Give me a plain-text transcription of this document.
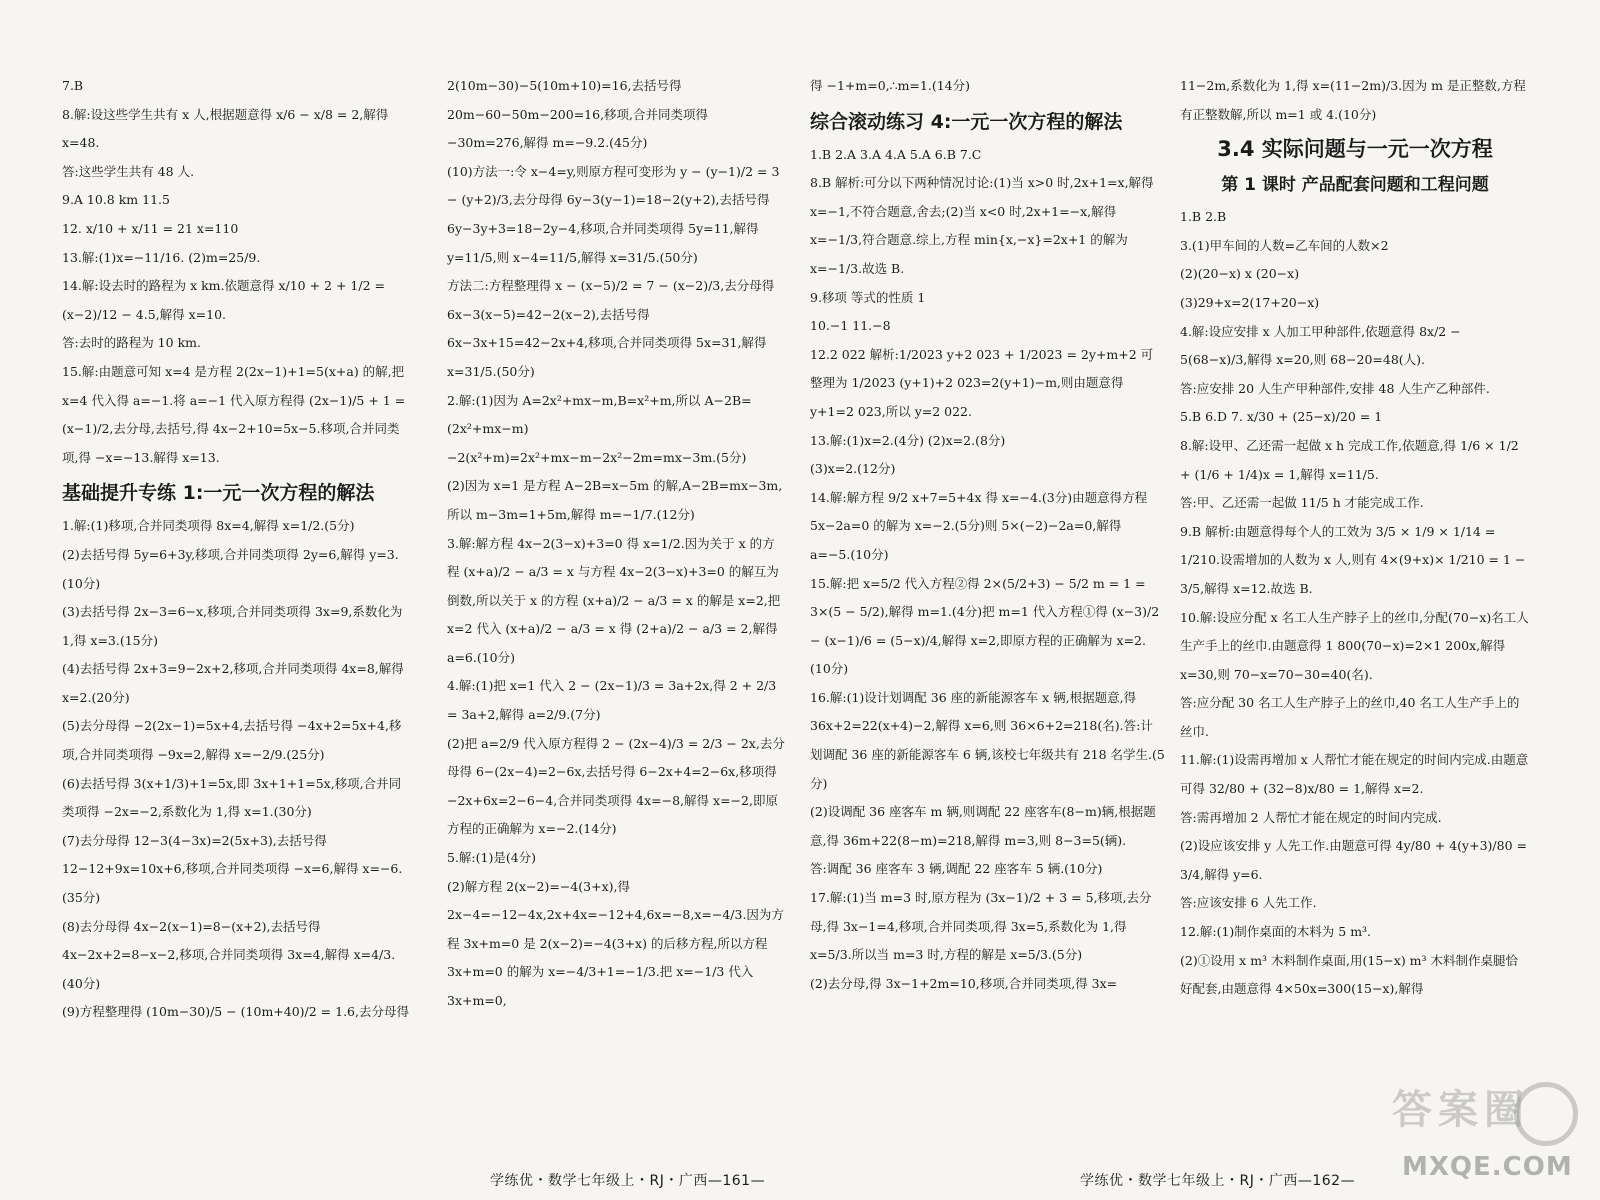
7.B

8.解:设这些学生共有 x 人,根据题意得 x/6 − x/8 = 2,解得 x=48.

答:这些学生共有 48 人.

9.A 10.8 km 11.5

12. x/10 + x/11 = 21 x=110

13.解:(1)x=−11/16. (2)m=25/9.

14.解:设去时的路程为 x km.依题意得 x/10 + 2 + 1/2 = (x−2)/12 − 4.5,解得 x=10.

答:去时的路程为 10 km.

15.解:由题意可知 x=4 是方程 2(2x−1)+1=5(x+a) 的解,把 x=4 代入得 a=−1.将 a=−1 代入原方程得 (2x−1)/5 + 1 = (x−1)/2,去分母,去括号,得 4x−2+10=5x−5.移项,合并同类项,得 −x=−13.解得 x=13.

基础提升专练 1:一元一次方程的解法

1.解:(1)移项,合并同类项得 8x=4,解得 x=1/2.(5分)

(2)去括号得 5y=6+3y,移项,合并同类项得 2y=6,解得 y=3.(10分)

(3)去括号得 2x−3=6−x,移项,合并同类项得 3x=9,系数化为 1,得 x=3.(15分)

(4)去括号得 2x+3=9−2x+2,移项,合并同类项得 4x=8,解得 x=2.(20分)

(5)去分母得 −2(2x−1)=5x+4,去括号得 −4x+2=5x+4,移项,合并同类项得 −9x=2,解得 x=−2/9.(25分)

(6)去括号得 3(x+1/3)+1=5x,即 3x+1+1=5x,移项,合并同类项得 −2x=−2,系数化为 1,得 x=1.(30分)

(7)去分母得 12−3(4−3x)=2(5x+3),去括号得 12−12+9x=10x+6,移项,合并同类项得 −x=6,解得 x=−6.(35分)

(8)去分母得 4x−2(x−1)=8−(x+2),去括号得 4x−2x+2=8−x−2,移项,合并同类项得 3x=4,解得 x=4/3.(40分)

(9)方程整理得 (10m−30)/5 − (10m+40)/2 = 1.6,去分母得

2(10m−30)−5(10m+10)=16,去括号得 20m−60−50m−200=16,移项,合并同类项得 −30m=276,解得 m=−9.2.(45分)

(10)方法一:令 x−4=y,则原方程可变形为 y − (y−1)/2 = 3 − (y+2)/3,去分母得 6y−3(y−1)=18−2(y+2),去括号得 6y−3y+3=18−2y−4,移项,合并同类项得 5y=11,解得 y=11/5,则 x−4=11/5,解得 x=31/5.(50分)

方法二:方程整理得 x − (x−5)/2 = 7 − (x−2)/3,去分母得 6x−3(x−5)=42−2(x−2),去括号得 6x−3x+15=42−2x+4,移项,合并同类项得 5x=31,解得 x=31/5.(50分)

2.解:(1)因为 A=2x²+mx−m,B=x²+m,所以 A−2B=(2x²+mx−m)−2(x²+m)=2x²+mx−m−2x²−2m=mx−3m.(5分)

(2)因为 x=1 是方程 A−2B=x−5m 的解,A−2B=mx−3m,所以 m−3m=1+5m,解得 m=−1/7.(12分)

3.解:解方程 4x−2(3−x)+3=0 得 x=1/2.因为关于 x 的方程 (x+a)/2 − a/3 = x 与方程 4x−2(3−x)+3=0 的解互为倒数,所以关于 x 的方程 (x+a)/2 − a/3 = x 的解是 x=2,把 x=2 代入 (x+a)/2 − a/3 = x 得 (2+a)/2 − a/3 = 2,解得 a=6.(10分)

4.解:(1)把 x=1 代入 2 − (2x−1)/3 = 3a+2x,得 2 + 2/3 = 3a+2,解得 a=2/9.(7分)

(2)把 a=2/9 代入原方程得 2 − (2x−4)/3 = 2/3 − 2x,去分母得 6−(2x−4)=2−6x,去括号得 6−2x+4=2−6x,移项得 −2x+6x=2−6−4,合并同类项得 4x=−8,解得 x=−2,即原方程的正确解为 x=−2.(14分)

5.解:(1)是(4分)

(2)解方程 2(x−2)=−4(3+x),得 2x−4=−12−4x,2x+4x=−12+4,6x=−8,x=−4/3.因为方程 3x+m=0 是 2(x−2)=−4(3+x) 的后移方程,所以方程 3x+m=0 的解为 x=−4/3+1=−1/3.把 x=−1/3 代入 3x+m=0,

得 −1+m=0,∴m=1.(14分)

综合滚动练习 4:一元一次方程的解法

1.B 2.A 3.A 4.A 5.A 6.B 7.C

8.B 解析:可分以下两种情况讨论:(1)当 x>0 时,2x+1=x,解得 x=−1,不符合题意,舍去;(2)当 x<0 时,2x+1=−x,解得 x=−1/3,符合题意.综上,方程 min{x,−x}=2x+1 的解为 x=−1/3.故选 B.

9.移项 等式的性质 1

10.−1 11.−8

12.2 022 解析:1/2023 y+2 023 + 1/2023 = 2y+m+2 可整理为 1/2023 (y+1)+2 023=2(y+1)−m,则由题意得 y+1=2 023,所以 y=2 022.

13.解:(1)x=2.(4分) (2)x=2.(8分)

(3)x=2.(12分)

14.解:解方程 9/2 x+7=5+4x 得 x=−4.(3分)由题意得方程 5x−2a=0 的解为 x=−2.(5分)则 5×(−2)−2a=0,解得 a=−5.(10分)

15.解:把 x=5/2 代入方程②得 2×(5/2+3) − 5/2 m = 1 = 3×(5 − 5/2),解得 m=1.(4分)把 m=1 代入方程①得 (x−3)/2 − (x−1)/6 = (5−x)/4,解得 x=2,即原方程的正确解为 x=2.(10分)

16.解:(1)设计划调配 36 座的新能源客车 x 辆,根据题意,得 36x+2=22(x+4)−2,解得 x=6,则 36×6+2=218(名).答:计划调配 36 座的新能源客车 6 辆,该校七年级共有 218 名学生.(5分)

(2)设调配 36 座客车 m 辆,则调配 22 座客车(8−m)辆,根据题意,得 36m+22(8−m)=218,解得 m=3,则 8−3=5(辆).

答:调配 36 座客车 3 辆,调配 22 座客车 5 辆.(10分)

17.解:(1)当 m=3 时,原方程为 (3x−1)/2 + 3 = 5,移项,去分母,得 3x−1=4,移项,合并同类项,得 3x=5,系数化为 1,得 x=5/3.所以当 m=3 时,方程的解是 x=5/3.(5分)

(2)去分母,得 3x−1+2m=10,移项,合并同类项,得 3x=

11−2m,系数化为 1,得 x=(11−2m)/3.因为 m 是正整数,方程有正整数解,所以 m=1 或 4.(10分)

3.4 实际问题与一元一次方程
第 1 课时 产品配套问题和工程问题

1.B 2.B

3.(1)甲车间的人数=乙车间的人数×2

(2)(20−x) x (20−x)

(3)29+x=2(17+20−x)

4.解:设应安排 x 人加工甲种部件,依题意得 8x/2 − 5(68−x)/3,解得 x=20,则 68−20=48(人).

答:应安排 20 人生产甲种部件,安排 48 人生产乙种部件.

5.B 6.D 7. x/30 + (25−x)/20 = 1

8.解:设甲、乙还需一起做 x h 完成工作,依题意,得 1/6 × 1/2 + (1/6 + 1/4)x = 1,解得 x=11/5.

答:甲、乙还需一起做 11/5 h 才能完成工作.

9.B 解析:由题意得每个人的工效为 3/5 × 1/9 × 1/14 = 1/210.设需增加的人数为 x 人,则有 4×(9+x)× 1/210 = 1 − 3/5,解得 x=12.故选 B.

10.解:设应分配 x 名工人生产脖子上的丝巾,分配(70−x)名工人生产手上的丝巾.由题意得 1 800(70−x)=2×1 200x,解得 x=30,则 70−x=70−30=40(名).

答:应分配 30 名工人生产脖子上的丝巾,40 名工人生产手上的丝巾.

11.解:(1)设需再增加 x 人帮忙才能在规定的时间内完成.由题意可得 32/80 + (32−8)x/80 = 1,解得 x=2.

答:需再增加 2 人帮忙才能在规定的时间内完成.

(2)设应该安排 y 人先工作.由题意可得 4y/80 + 4(y+3)/80 = 3/4,解得 y=6.

答:应该安排 6 人先工作.

12.解:(1)制作桌面的木料为 5 m³.

(2)①设用 x m³ 木料制作桌面,用(15−x) m³ 木料制作桌腿恰好配套,由题意得 4×50x=300(15−x),解得

学练优・数学七年级上・RJ・广西—161—	学练优・数学七年级上・RJ・广西—162—
答案圈
MXQE.COM
